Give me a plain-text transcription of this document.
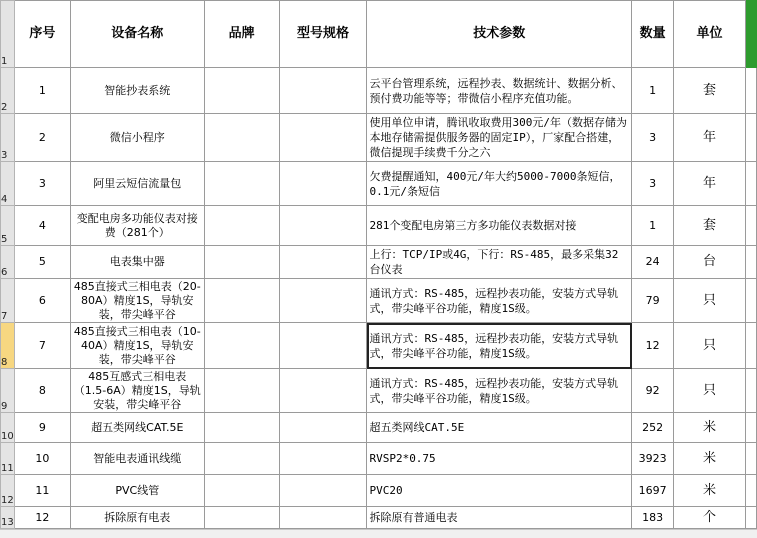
1	序号	设备名称	品牌	型号规格	技术参数	数量	单位	

2	1	智能抄表系统			云平台管理系统，远程抄表、数据统计、数据分析、预付费功能等等；带微信小程序充值功能。	1	套	

3	2	微信小程序			使用单位申请，腾讯收取费用300元/年（数据存储为本地存储需提供服务器的固定IP），厂家配合搭建，微信提现手续费千分之六	3	年	

4	3	阿里云短信流量包			欠费提醒通知，400元/年大约5000-7000条短信，0.1元/条短信	3	年	

5	4	变配电房多功能仪表对接费（281个）			281个变配电房第三方多功能仪表数据对接	1	套	

6	5	电表集中器			上行：TCP/IP或4G，下行：RS-485，最多采集32台仪表	24	台	

7	6	485直接式三相电表（20-80A）精度1S，导轨安装，带尖峰平谷			通讯方式：RS-485，远程抄表功能，安装方式导轨式，带尖峰平谷功能，精度1S级。	79	只	

8	7	485直接式三相电表（10-40A）精度1S，导轨安装，带尖峰平谷			通讯方式：RS-485，远程抄表功能，安装方式导轨式，带尖峰平谷功能，精度1S级。	12	只	

9	8	485互感式三相电表（1.5-6A）精度1S，导轨安装，带尖峰平谷			通讯方式：RS-485，远程抄表功能，安装方式导轨式，带尖峰平谷功能，精度1S级。	92	只	

10	9	超五类网线CAT.5E			超五类网线CAT.5E	252	米	

11	10	智能电表通讯线缆			RVSP2*0.75	3923	米	

12	11	PVC线管			PVC20	1697	米	

13	12	拆除原有电表			拆除原有普通电表	183	个	
